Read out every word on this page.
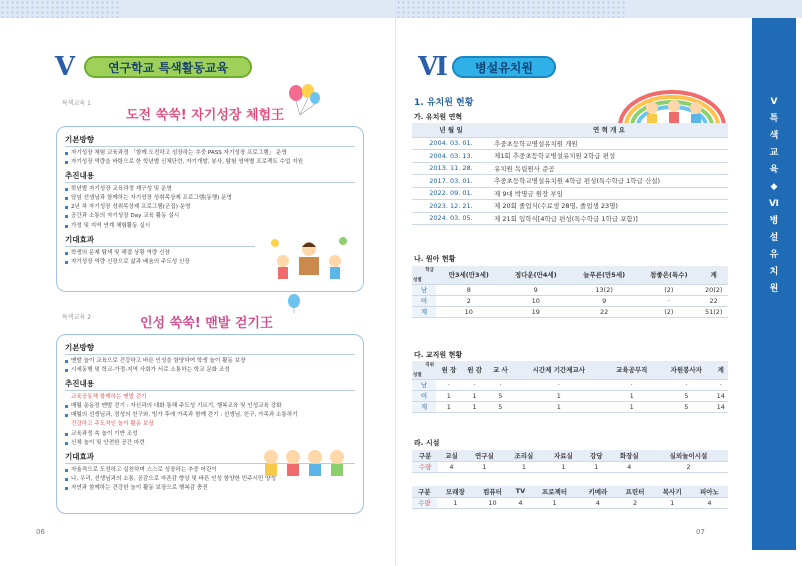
V	연구학교 특색활동교육
특색교육 1
도전 쑥쑥! 자기성장 체험王
기본방향
자기성장 체험 교육과정 「함께 도전하고 성장하는 추중 PASS 자기성장 프로그램」 운영
자기성장 역량을 바탕으로 한 학년별 신체단련, 자기개발, 봉사, 탐험 영역별 프로젝트 수업 지원
추진내용
학년별 자기성장 교육과정 재구성 및 운영
담임 선생님과 함께하는 자기성장 성취목상제 프로그램(동행) 운영
2년 차 자기성장 성취목상제 프로그램(군집) 운영
공간과 소통의 자기성장 Day 교육 활동 실시
가정 및 지역 연계 체험활동 실시
기대효과
학생의 문제 탐색 및 해결 상황 역량 신장
자기성장 역량 신장으로 삶과 배움의 주도성 신장
특색교육 2	인성 쑥쑥! 맨발 걷기王
기본방향
맨발 놀이 교육으로 건강하고 바른 인성을 함양하여 학생 놀이 활동 보장
시세동행 및 학교-가정-지역 사회가 서로 소통하는 학교 문화 조성
추진내용
교육공동체 함께하는 맨발 걷기
매월 운동장 맨발 걷기 : 자신과의 대화 통해 주도성 기르기, 행복교육 및 인성교육 강화
매월의 선생님과, 정성의 친구와, 빙가 후에 가족과 함께 걷기 : 선생님, 친구, 가족과 소통하기
건강하고 주도적인 놀이 활동 보장
교육과정 속 놀이 기반 조성
신체 놀이 및 안전한 공간 마련
기대효과
자율적으로 도전하고 실천하며 스스로 성장하는 추중 어린이
나, 우리, 선생님과의 소통, 공감으로 자존감 향상 및 바른 인성 함양한 민주시민 양성
자연과 함께하는 건강한 놀이 활동 보장으로 행복감 충전
06
Ⅵ	병설유치원
1. 유치원 현황
가. 유치원 연혁
년 월 일	연 혁 개 요
2004. 03. 01.	추중초등학교병설유치원 개원
2004. 03. 13.	제1회 추중초등학교병설유치원 2학급 편성
2013. 11. 28.	유치원 독립원사 준공
2017. 03. 01.	추중초등학교병설유치원 4학급 편성(특수학급 1학급 신설)
2022. 09. 01.	제 9대 박명금 원장 부임
2023. 12. 21.	제 20회 졸업식(수료생 28명, 졸업생 23명)
2024. 03. 05.	제 21회 입학식[4학급 편성(특수학급 1학급 포함)]
나. 원아 현황
학급
성별	만3세(만3세)	정다운(만4세)	늘푸른(만5세)	참좋은(특수)	계
남	8	9	13(2)	(2)	20(2)
여	2	10	9	·	22
계	10	19	22	(2)	51(2)
다. 교직원 현황
직위
성별	원 장	원 감	교 사	시간제 기간제교사	교육공무직	자원봉사자	계
남	·	·	·	·	·	·	·
여	1	1	5	1	1	5	14
계	1	1	5	1	1	5	14
라. 시설
구분	교실	연구실	조리실	자료실	강당	화장실	실외놀이시설
수량	4	1	1	1	1	4	2
구분	모래장	컴퓨터	TV	프로젝터	키메라	프린터	복사기	피아노
수량	1	10	4	1	4	2	1	4
07
Ⅴ 특 색 교 육 ◆ Ⅵ 병 설 유 치 원
